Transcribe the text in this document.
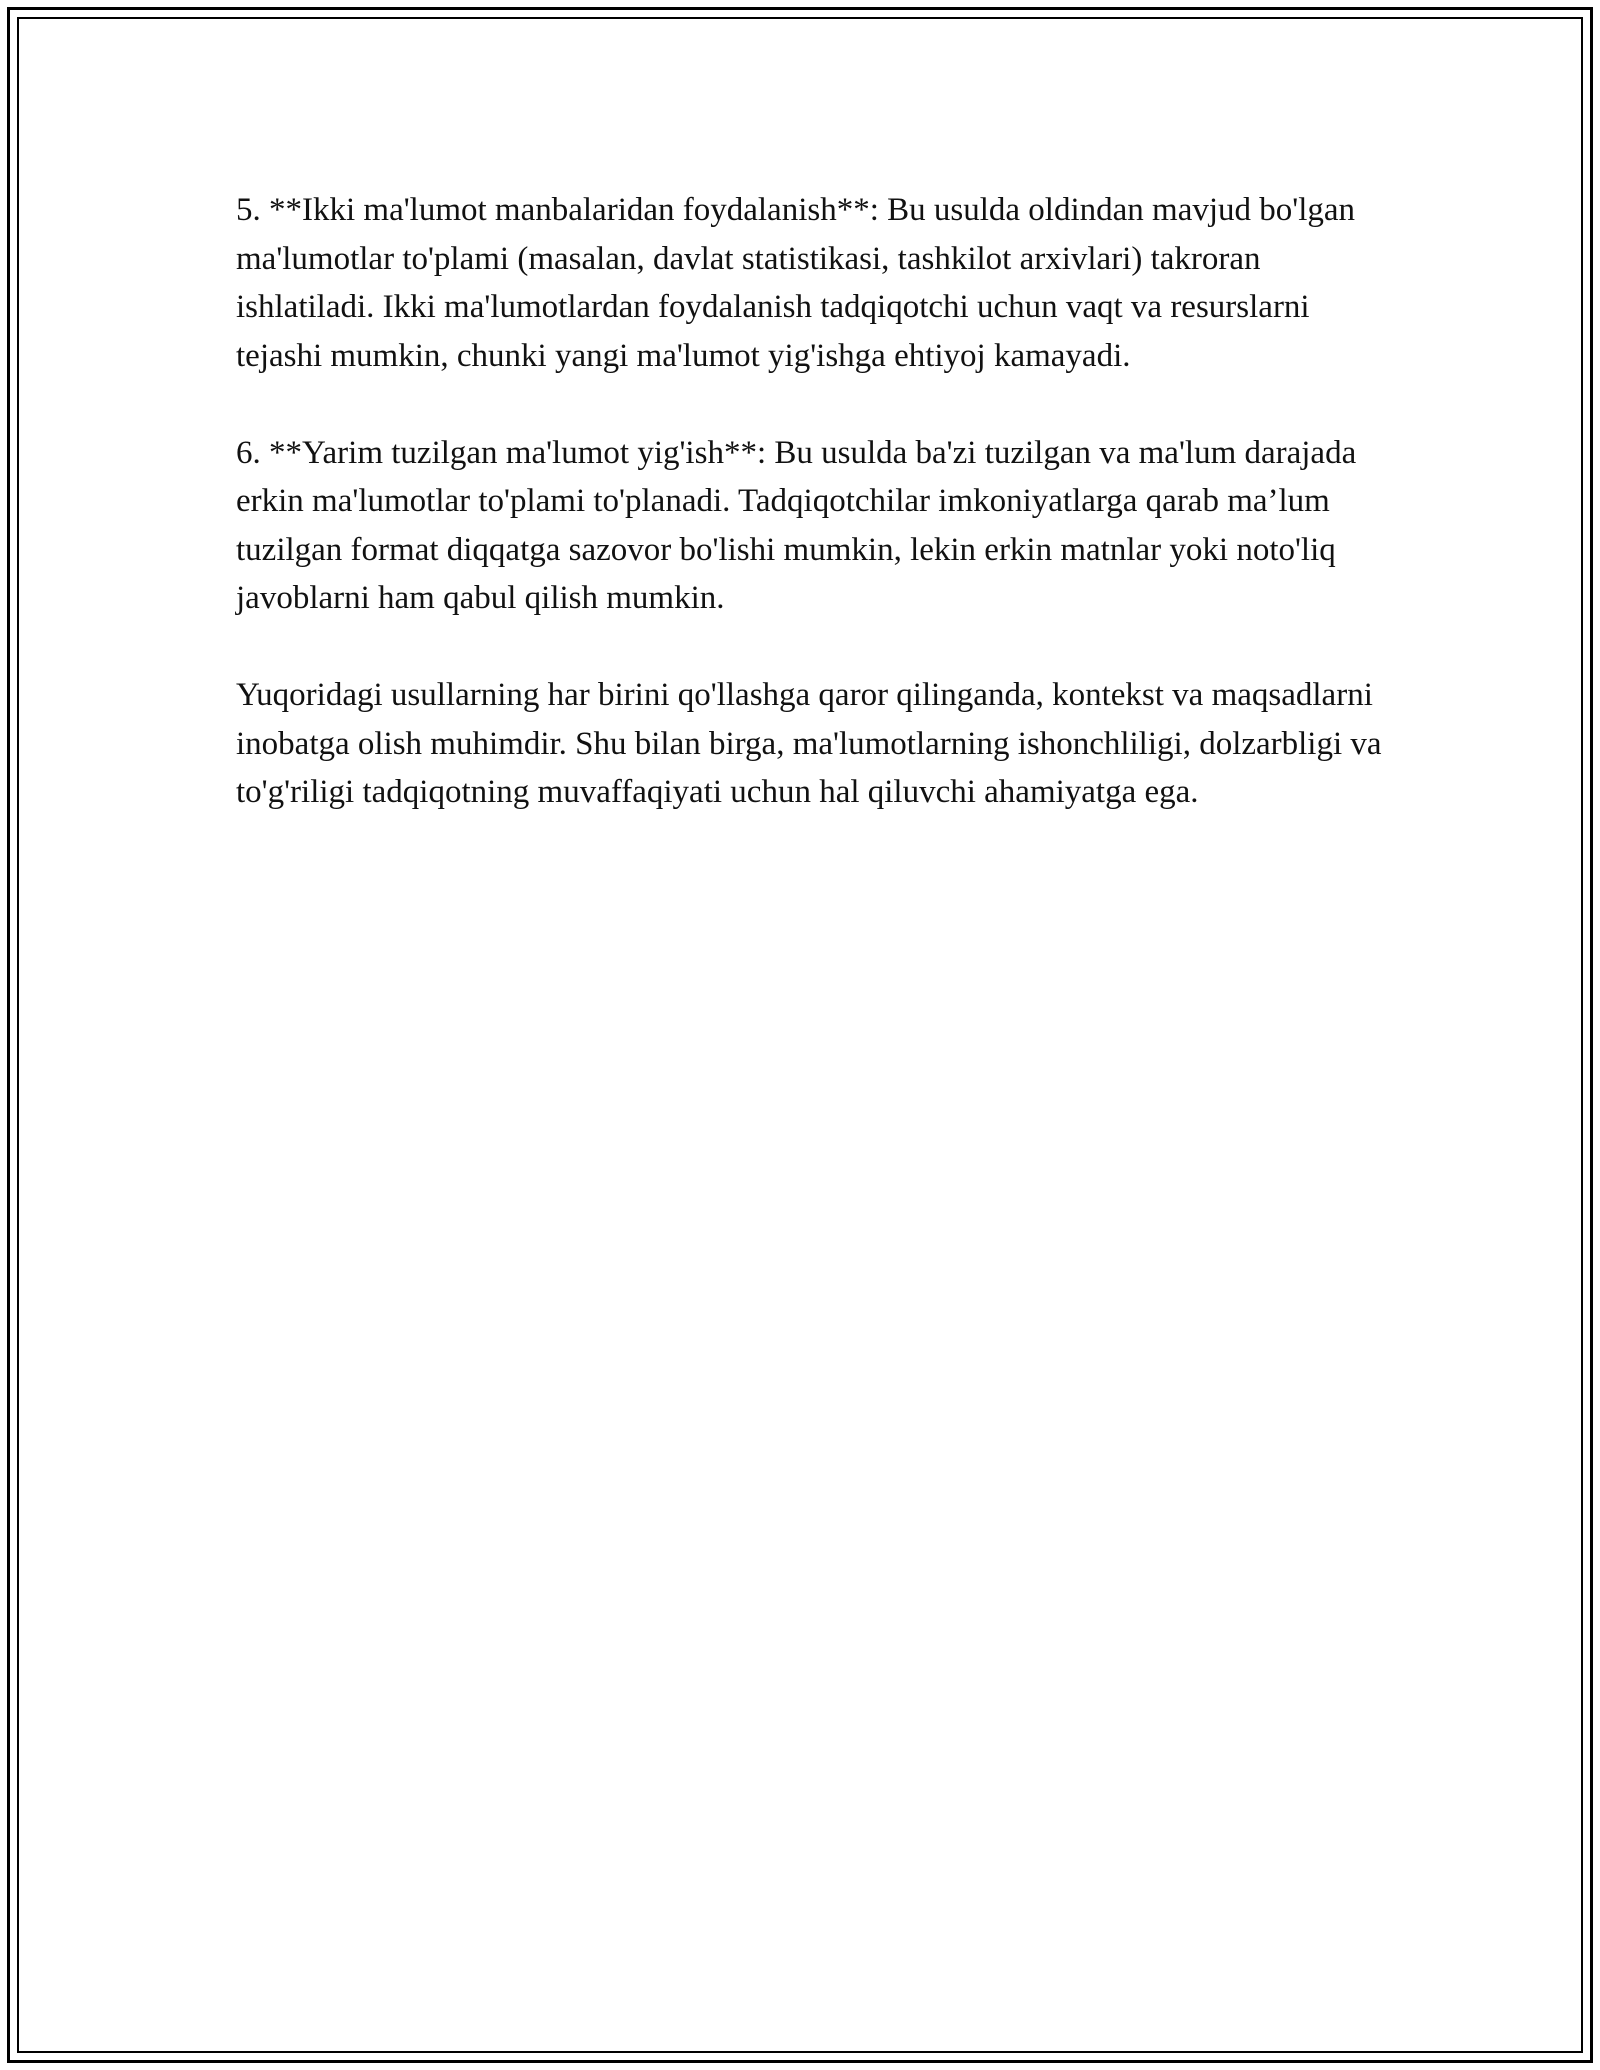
5. **Ikki ma'lumot manbalaridan foydalanish**: Bu usulda oldindan mavjud bo'lgan ma'lumotlar to'plami (masalan, davlat statistikasi, tashkilot arxivlari) takroran ishlatiladi. Ikki ma'lumotlardan foydalanish tadqiqotchi uchun vaqt va resurslarni tejashi mumkin, chunki yangi ma'lumot yig'ishga ehtiyoj kamayadi.

6. **Yarim tuzilgan ma'lumot yig'ish**: Bu usulda ba'zi tuzilgan va ma'lum darajada erkin ma'lumotlar to'plami to'planadi. Tadqiqotchilar imkoniyatlarga qarab ma’lum tuzilgan format diqqatga sazovor bo'lishi mumkin, lekin erkin matnlar yoki noto'liq javoblarni ham qabul qilish mumkin.

Yuqoridagi usullarning har birini qo'llashga qaror qilinganda, kontekst va maqsadlarni inobatga olish muhimdir. Shu bilan birga, ma'lumotlarning ishonchliligi, dolzarbligi va to'g'riligi tadqiqotning muvaffaqiyati uchun hal qiluvchi ahamiyatga ega.
